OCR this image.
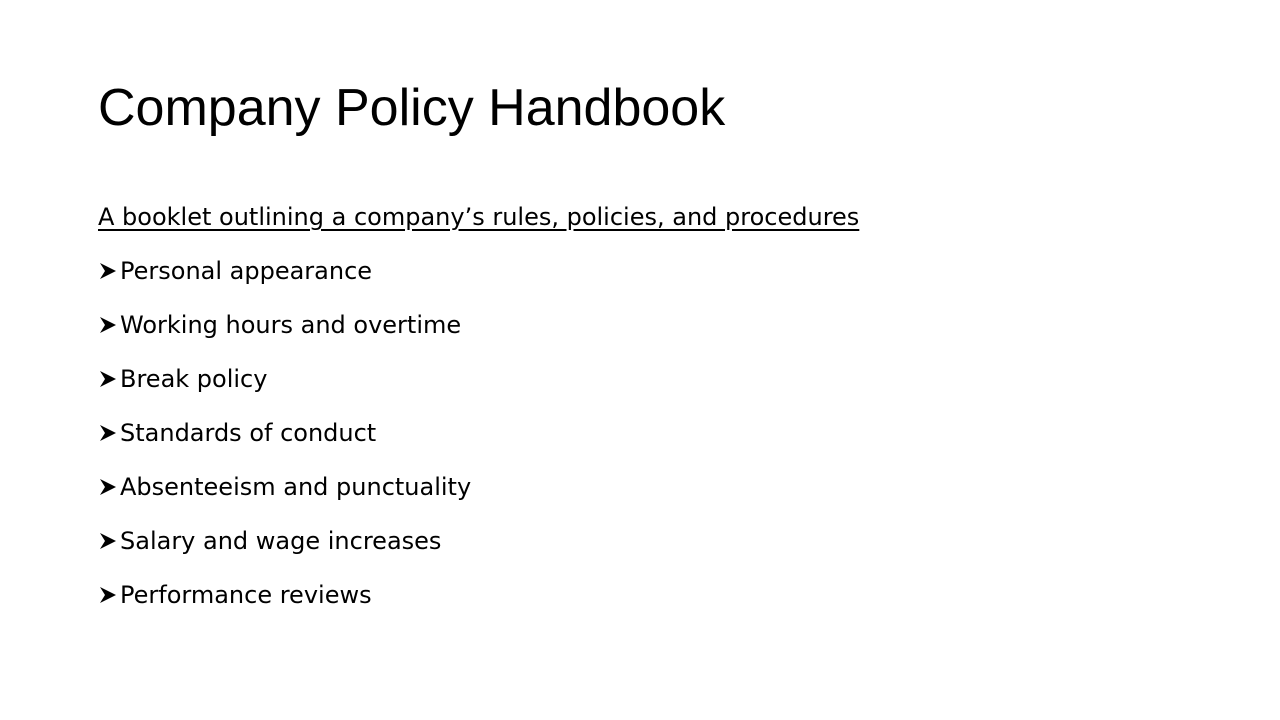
Company Policy Handbook

A booklet outlining a company’s rules, policies, and procedures

Personal appearance
Working hours and overtime
Break policy
Standards of conduct
Absenteeism and punctuality
Salary and wage increases
Performance reviews
